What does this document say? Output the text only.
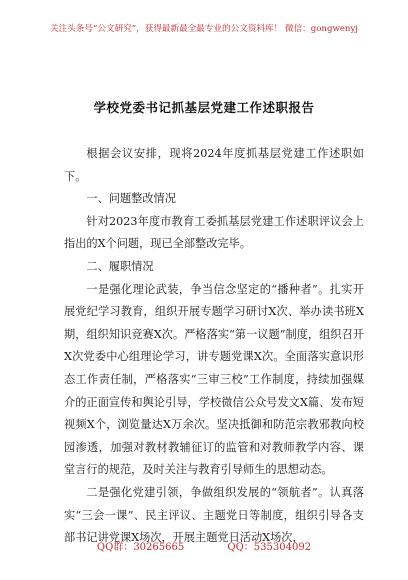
关注头条号“公文研究”，获得最新最全最专业的公文资料库！ 微信：gongwenyj
学校党委书记抓基层党建工作述职报告

根据会议安排，现将2024年度抓基层党建工作述职如下。

一、问题整改情况

针对2023年度市教育工委抓基层党建工作述职评议会上指出的X个问题，现已全部整改完毕。

二、履职情况

一是强化理论武装，争当信念坚定的“播种者”。扎实开展党纪学习教育，组织开展专题学习研讨X次、举办读书班X期，组织知识竞赛X次。严格落实“第一议题”制度，组织召开X次党委中心组理论学习，讲专题党课X次。全面落实意识形态工作责任制，严格落实“三审三校”工作制度，持续加强媒介的正面宣传和舆论引导，学校微信公众号发文X篇、发布短视频X个，浏览量达X万余次。坚决抵御和防范宗教邪教向校园渗透，加强对教材教辅征订的监管和对教师教学内容、课堂言行的规范，及时关注与教育引导师生的思想动态。

二是强化党建引领，争做组织发展的“领航者”。认真落实“三会一课”、民主评议、主题党日等制度，组织引导各支部书记讲党课X场次，开展主题党日活动X场次，

QQ群：30265665	QQ：535304092
